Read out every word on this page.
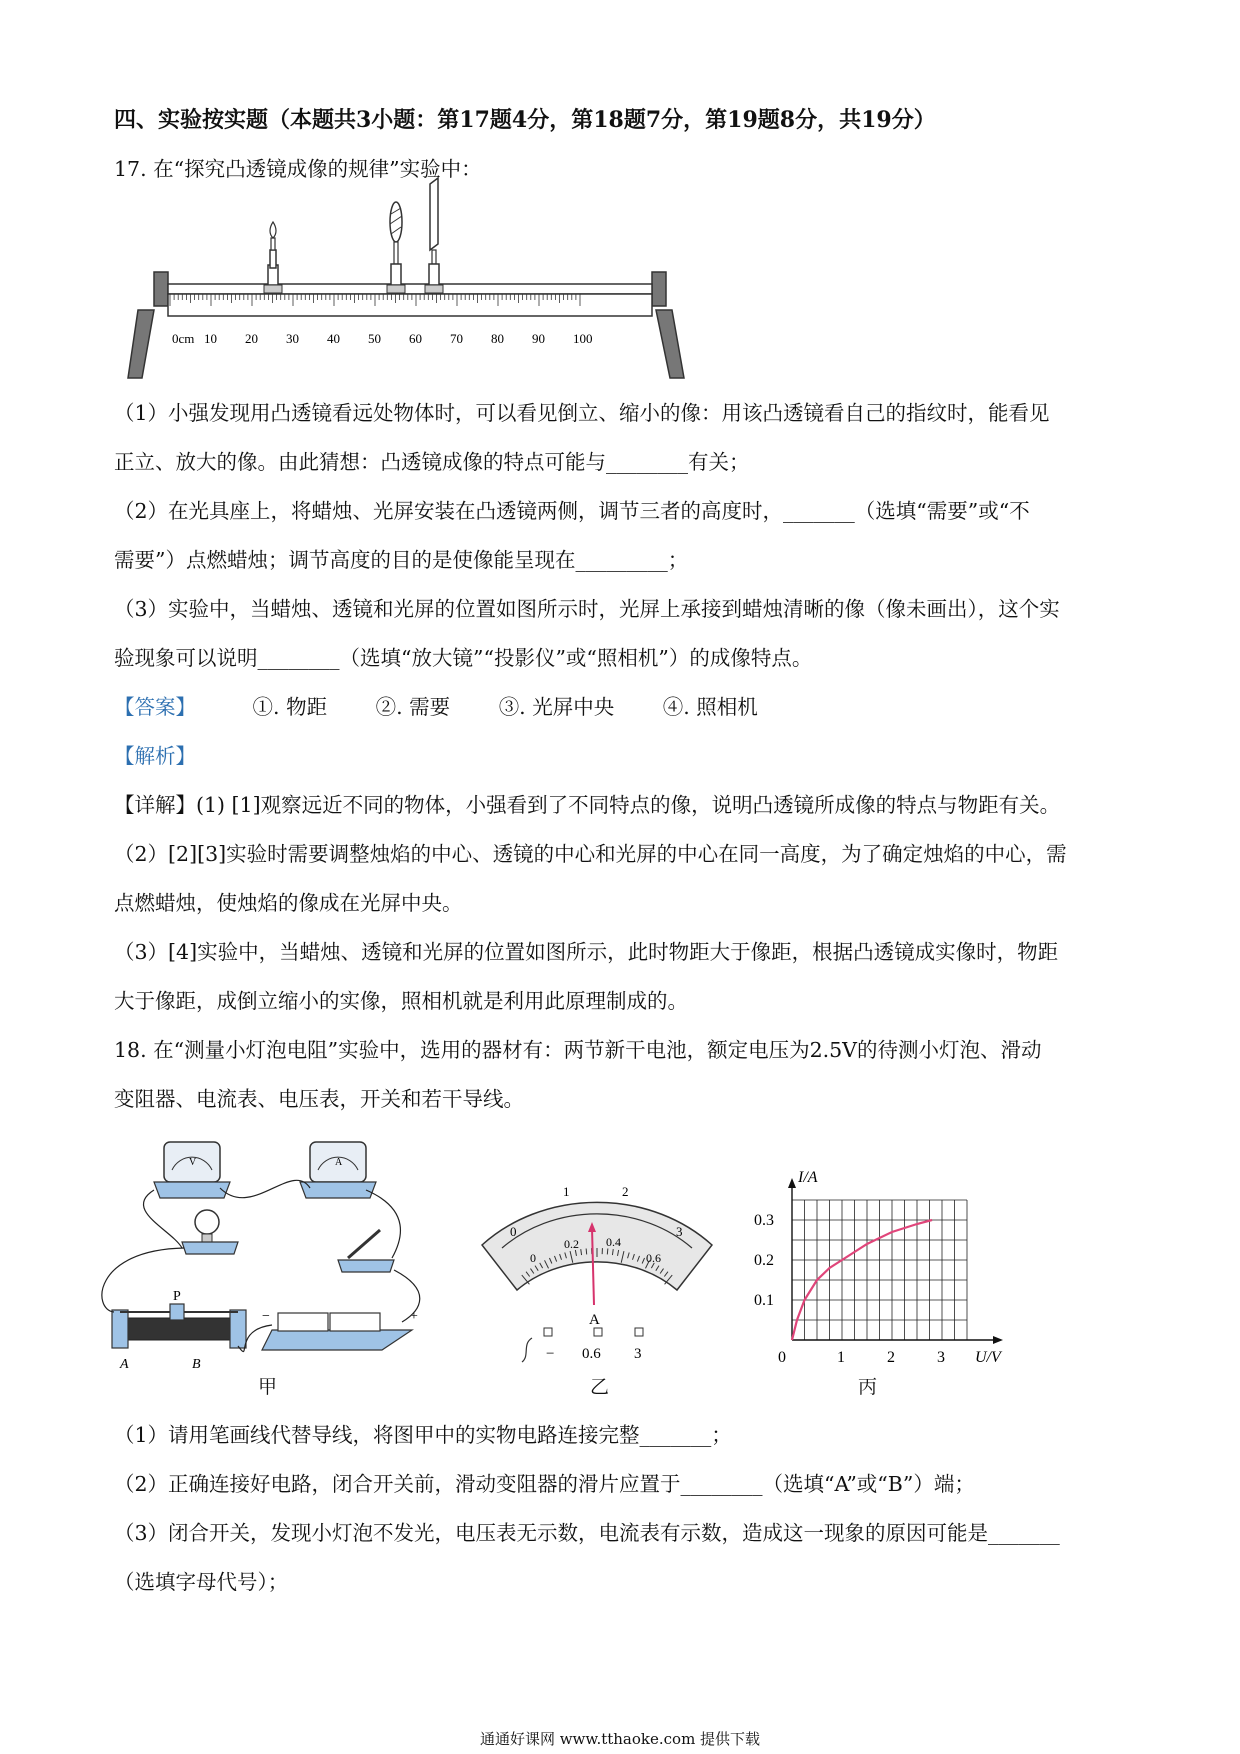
四、实验按实题（本题共3小题：第17题4分，第18题7分，第19题8分，共19分）
17. 在“探究凸透镜成像的规律”实验中：
0cm 10 20 30 40 50 60 70 80 90 100
（1）小强发现用凸透镜看远处物体时，可以看见倒立、缩小的像：用该凸透镜看自己的指纹时，能看见
正立、放大的像。由此猜想：凸透镜成像的特点可能与________有关；
（2）在光具座上，将蜡烛、光屏安装在凸透镜两侧，调节三者的高度时，_______（选填“需要”或“不
需要”）点燃蜡烛；调节高度的目的是使像能呈现在_________；
（3）实验中，当蜡烛、透镜和光屏的位置如图所示时，光屏上承接到蜡烛清晰的像（像未画出），这个实
验现象可以说明________（选填“放大镜”“投影仪”或“照相机”）的成像特点。
【答案】	①. 物距 ②. 需要 ③. 光屏中央 ④. 照相机
【解析】
【详解】(1) [1]观察远近不同的物体，小强看到了不同特点的像，说明凸透镜所成像的特点与物距有关。
（2）[2][3]实验时需要调整烛焰的中心、透镜的中心和光屏的中心在同一高度，为了确定烛焰的中心，需
点燃蜡烛，使烛焰的像成在光屏中央。
（3）[4]实验中，当蜡烛、透镜和光屏的位置如图所示，此时物距大于像距，根据凸透镜成实像时，物距
大于像距，成倒立缩小的实像，照相机就是利用此原理制成的。
18. 在“测量小灯泡电阻”实验中，选用的器材有：两节新干电池，额定电压为2.5V的待测小灯泡、滑动
变阻器、电流表、电压表，开关和若干导线。
V	A
P
A	B
−	+
甲
0
1	2
3
0
0.2 0.4
0.6
A
− 0.6 3
乙
0.1
0.2
0.3
1	2	3
I/A
U/V
0
丙
（1）请用笔画线代替导线，将图甲中的实物电路连接完整_______；
（2）正确连接好电路，闭合开关前，滑动变阻器的滑片应置于________（选填“A”或“B”）端；
（3）闭合开关，发现小灯泡不发光，电压表无示数，电流表有示数，造成这一现象的原因可能是_______
（选填字母代号）；
通通好课网 www.tthaoke.com 提供下载
